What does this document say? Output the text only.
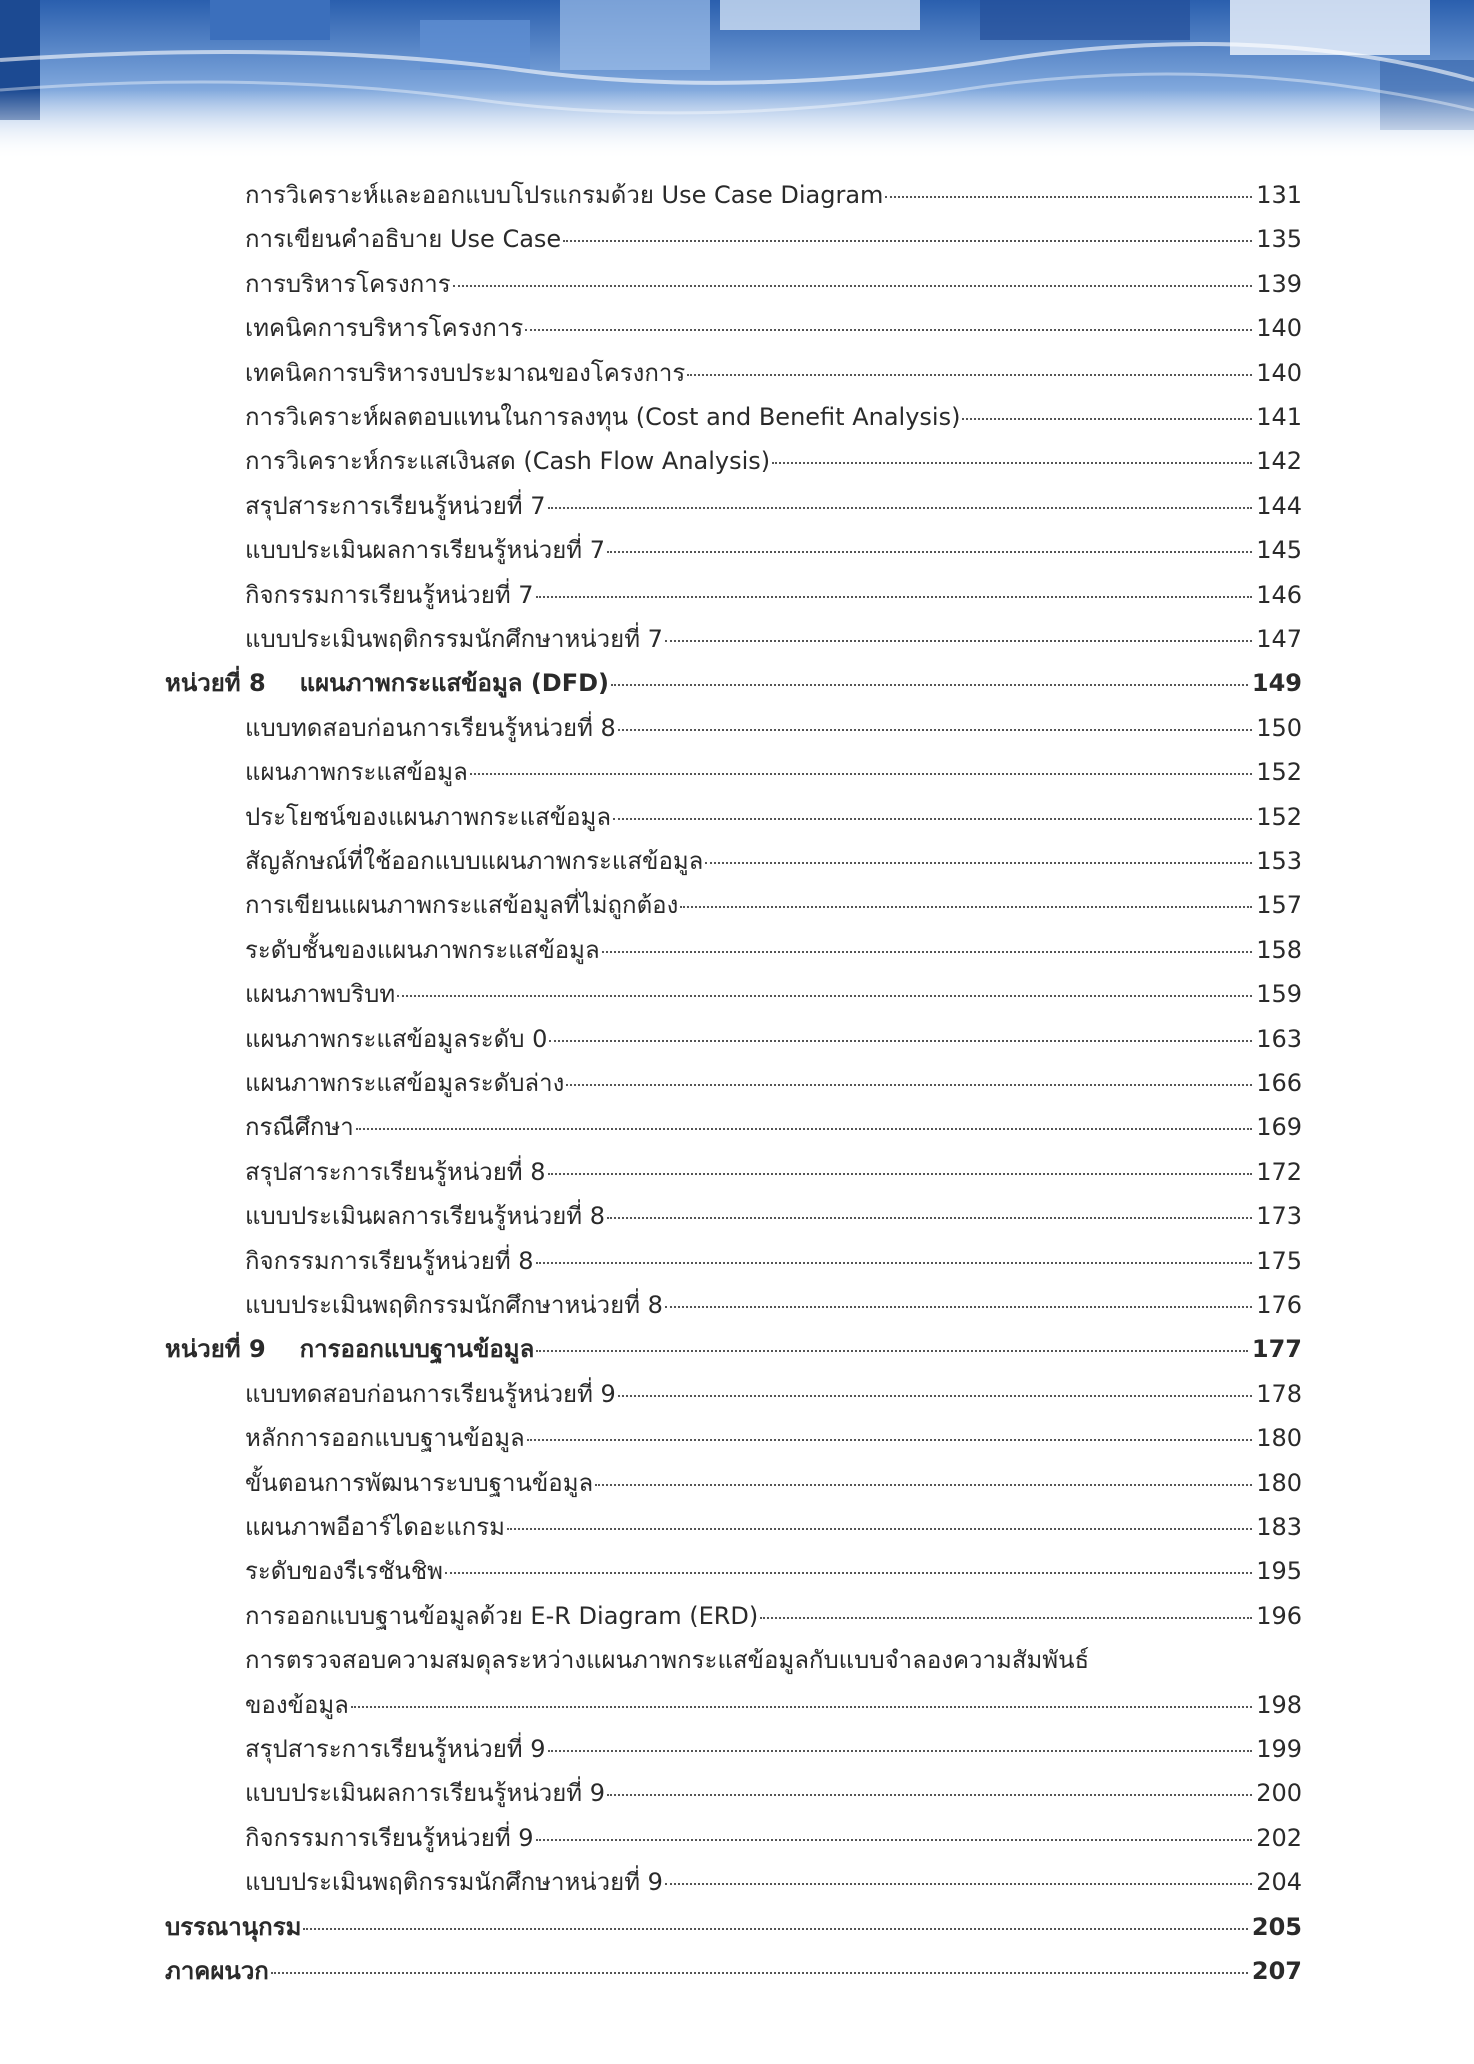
การวิเคราะห์และออกแบบโปรแกรมด้วย Use Case Diagram	131
การเขียนคำอธิบาย Use Case	135
การบริหารโครงการ	139
เทคนิคการบริหารโครงการ	140
เทคนิคการบริหารงบประมาณของโครงการ	140
การวิเคราะห์ผลตอบแทนในการลงทุน (Cost and Benefit Analysis)	141
การวิเคราะห์กระแสเงินสด (Cash Flow Analysis)	142
สรุปสาระการเรียนรู้หน่วยที่ 7	144
แบบประเมินผลการเรียนรู้หน่วยที่ 7	145
กิจกรรมการเรียนรู้หน่วยที่ 7	146
แบบประเมินพฤติกรรมนักศึกษาหน่วยที่ 7	147
หน่วยที่ 8 แผนภาพกระแสข้อมูล (DFD)	149
แบบทดสอบก่อนการเรียนรู้หน่วยที่ 8	150
แผนภาพกระแสข้อมูล	152
ประโยชน์ของแผนภาพกระแสข้อมูล	152
สัญลักษณ์ที่ใช้ออกแบบแผนภาพกระแสข้อมูล	153
การเขียนแผนภาพกระแสข้อมูลที่ไม่ถูกต้อง	157
ระดับชั้นของแผนภาพกระแสข้อมูล	158
แผนภาพบริบท	159
แผนภาพกระแสข้อมูลระดับ 0	163
แผนภาพกระแสข้อมูลระดับล่าง	166
กรณีศึกษา	169
สรุปสาระการเรียนรู้หน่วยที่ 8	172
แบบประเมินผลการเรียนรู้หน่วยที่ 8	173
กิจกรรมการเรียนรู้หน่วยที่ 8	175
แบบประเมินพฤติกรรมนักศึกษาหน่วยที่ 8	176
หน่วยที่ 9 การออกแบบฐานข้อมูล	177
แบบทดสอบก่อนการเรียนรู้หน่วยที่ 9	178
หลักการออกแบบฐานข้อมูล	180
ขั้นตอนการพัฒนาระบบฐานข้อมูล	180
แผนภาพอีอาร์ไดอะแกรม	183
ระดับของรีเรชันชิพ	195
การออกแบบฐานข้อมูลด้วย E-R Diagram (ERD)	196
การตรวจสอบความสมดุลระหว่างแผนภาพกระแสข้อมูลกับแบบจำลองความสัมพันธ์
ของข้อมูล	198
สรุปสาระการเรียนรู้หน่วยที่ 9	199
แบบประเมินผลการเรียนรู้หน่วยที่ 9	200
กิจกรรมการเรียนรู้หน่วยที่ 9	202
แบบประเมินพฤติกรรมนักศึกษาหน่วยที่ 9	204
บรรณานุกรม	205
ภาคผนวก	207
